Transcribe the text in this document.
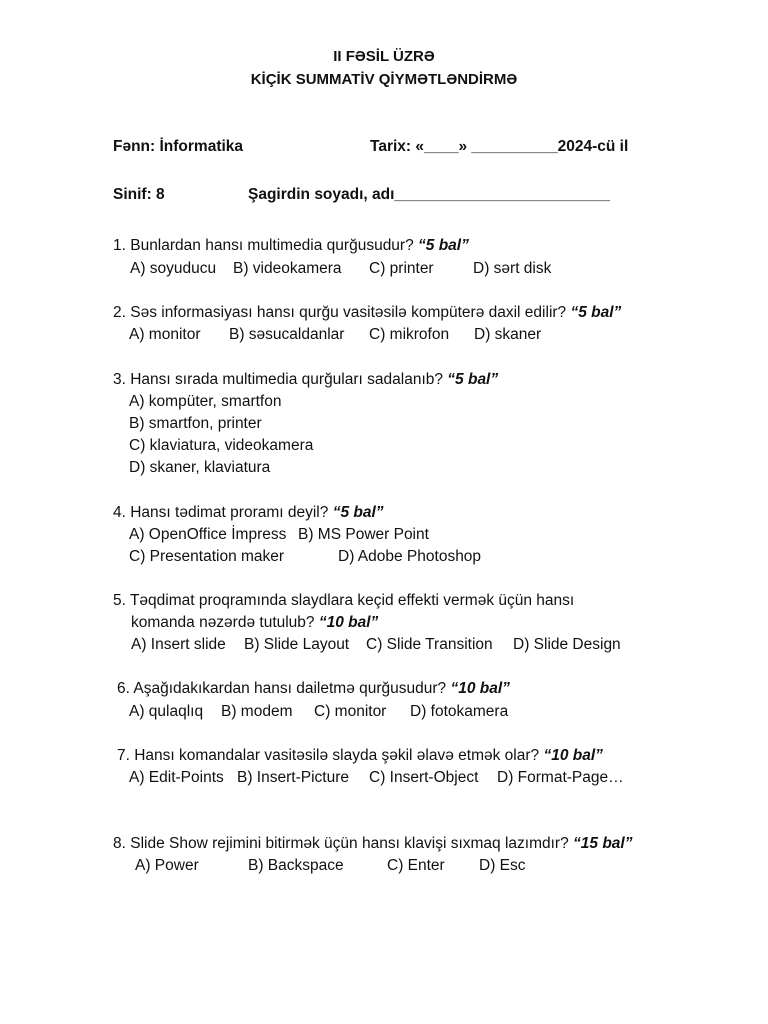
II FƏSİL ÜZRƏ
KİÇİK SUMMATİV QİYMƏTLƏNDİRMƏ
Fənn: İnformatika	Tarix: «____» __________2024-cü il
Sinif: 8	Şagirdin soyadı, adı_________________________
1. Bunlardan hansı multimedia qurğusudur? “5 bal”
A) soyuducu B) videokamera C) printer	D) sərt disk
2. Səs informasiyası hansı qurğu vasitəsilə kompüterə daxil edilir? “5 bal”
A) monitor B) səsucaldanlar C) mikrofon D) skaner
3. Hansı sırada multimedia qurğuları sadalanıb? “5 bal”
A) kompüter, smartfon
B) smartfon, printer
C) klaviatura, videokamera
D) skaner, klaviatura
4. Hansı tədimat proramı deyil? “5 bal”
A) OpenOffice İmpress B) MS Power Point
C) Presentation maker	D) Adobe Photoshop
5. Təqdimat proqramında slaydlara keçid effekti vermək üçün hansı
komanda nəzərdə tutulub? “10 bal”
A) Insert slide B) Slide Layout C) Slide Transition D) Slide Design
6. Aşağıdakıkardan hansı dailetmə qurğusudur? “10 bal”
A) qulaqlıq B) modem C) monitor D) fotokamera
7. Hansı komandalar vasitəsilə slayda şəkil əlavə etmək olar? “10 bal”
A) Edit-Points B) Insert-Picture C) Insert-Object D) Format-Page…
8. Slide Show rejimini bitirmək üçün hansı klavişi sıxmaq lazımdır? “15 bal”
A) Power	B) Backspace	C) Enter D) Esc
